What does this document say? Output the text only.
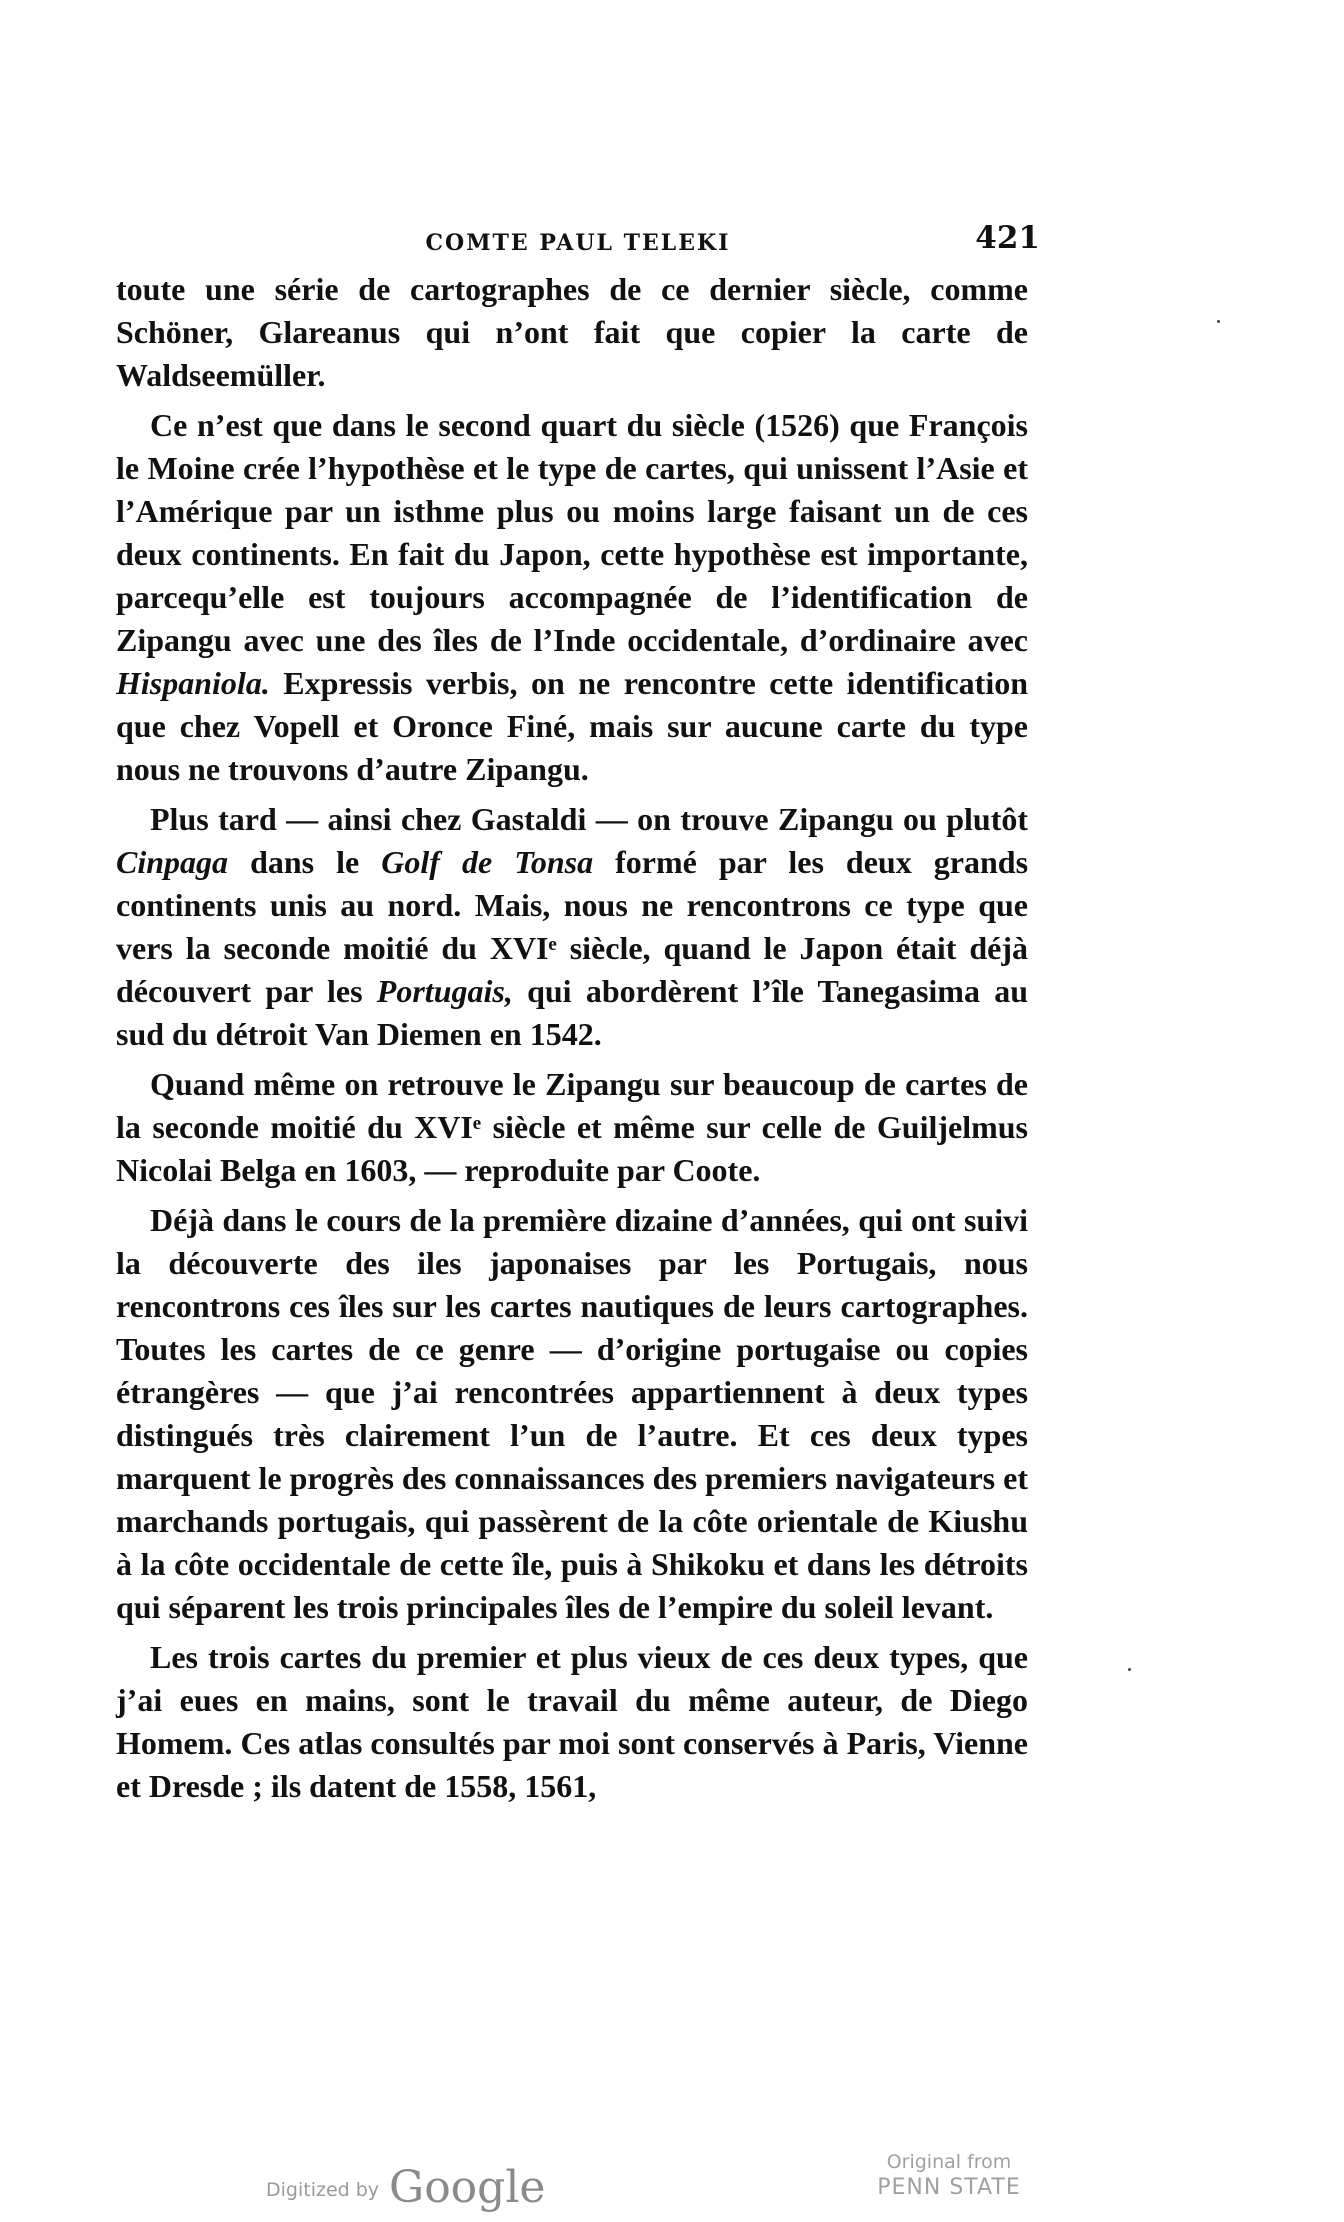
COMTE PAUL TELEKI	421

toute une série de cartographes de ce dernier siècle, comme Schöner, Glareanus qui n’ont fait que copier la carte de Waldseemüller.

Ce n’est que dans le second quart du siècle (1526) que François le Moine crée l’hypothèse et le type de cartes, qui unissent l’Asie et l’Amérique par un isthme plus ou moins large faisant un de ces deux continents. En fait du Japon, cette hypothèse est importante, parcequ’elle est toujours accompagnée de l’identification de Zipangu avec une des îles de l’Inde occidentale, d’ordinaire avec Hispaniola. Expressis verbis, on ne rencontre cette identification que chez Vopell et Oronce Finé, mais sur aucune carte du type nous ne trouvons d’autre Zipangu.

Plus tard — ainsi chez Gastaldi — on trouve Zipangu ou plutôt Cinpaga dans le Golf de Tonsa formé par les deux grands continents unis au nord. Mais, nous ne rencontrons ce type que vers la seconde moitié du XVIᵉ siècle, quand le Japon était déjà découvert par les Portugais, qui abordèrent l’île Tanegasima au sud du détroit Van Diemen en 1542.

Quand même on retrouve le Zipangu sur beaucoup de cartes de la seconde moitié du XVIᵉ siècle et même sur celle de Guiljelmus Nicolai Belga en 1603, — reproduite par Coote.

Déjà dans le cours de la première dizaine d’années, qui ont suivi la découverte des iles japonaises par les Portugais, nous rencontrons ces îles sur les cartes nautiques de leurs cartographes. Toutes les cartes de ce genre — d’origine portugaise ou copies étrangères — que j’ai rencontrées appartiennent à deux types distingués très clairement l’un de l’autre. Et ces deux types marquent le progrès des connaissances des premiers navigateurs et marchands portugais, qui passèrent de la côte orientale de Kiushu à la côte occidentale de cette île, puis à Shikoku et dans les détroits qui séparent les trois principales îles de l’empire du soleil levant.

Les trois cartes du premier et plus vieux de ces deux types, que j’ai eues en mains, sont le travail du même auteur, de Diego Homem. Ces atlas consultés par moi sont conservés à Paris, Vienne et Dresde ; ils datent de 1558, 1561,

Digitized by Google	Original from
PENN STATE
